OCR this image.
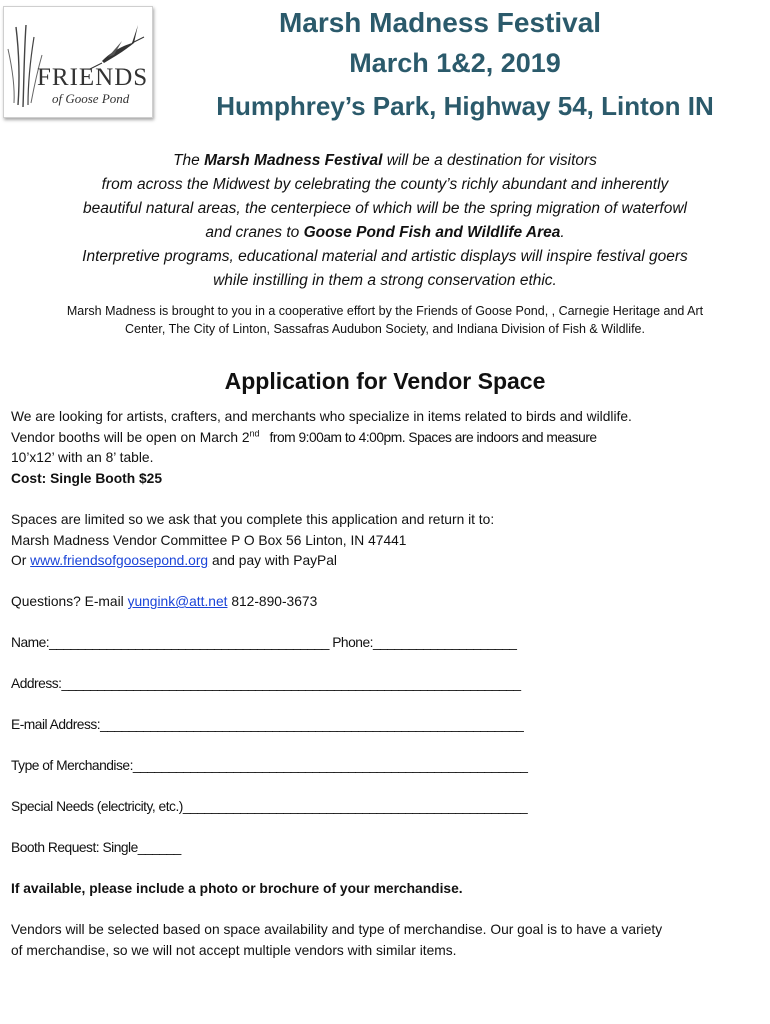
FRIENDS
of Goose Pond
Marsh Madness Festival
March 1&2, 2019
Humphrey’s Park, Highway 54, Linton IN
The Marsh Madness Festival will be a destination for visitors
from across the Midwest by celebrating the county’s richly abundant and inherently
beautiful natural areas, the centerpiece of which will be the spring migration of waterfowl
and cranes to Goose Pond Fish and Wildlife Area.
Interpretive programs, educational material and artistic displays will inspire festival goers
while instilling in them a strong conservation ethic.
Marsh Madness is brought to you in a cooperative effort by the Friends of Goose Pond, , Carnegie Heritage and Art
Center, The City of Linton, Sassafras Audubon Society, and Indiana Division of Fish & Wildlife.
Application for Vendor Space
We are looking for artists, crafters, and merchants who specialize in items related to birds and wildlife.
Vendor booths will be open on March 2nd   from 9:00am to 4:00pm. Spaces are indoors and measure
10’x12’ with an 8’ table.
Cost: Single Booth $25
Spaces are limited so we ask that you complete this application and return it to:
Marsh Madness Vendor Committee P O Box 56 Linton, IN 47441
Or www.friendsofgoosepond.org and pay with PayPal
Questions? E-mail yungink@att.net 812-890-3673
Name:_______________________________________ Phone:____________________
Address:________________________________________________________________
E-mail Address:___________________________________________________________
Type of Merchandise:_______________________________________________________
Special Needs (electricity, etc.)________________________________________________
Booth Request: Single______
If available, please include a photo or brochure of your merchandise.
Vendors will be selected based on space availability and type of merchandise. Our goal is to have a variety
of merchandise, so we will not accept multiple vendors with similar items.
